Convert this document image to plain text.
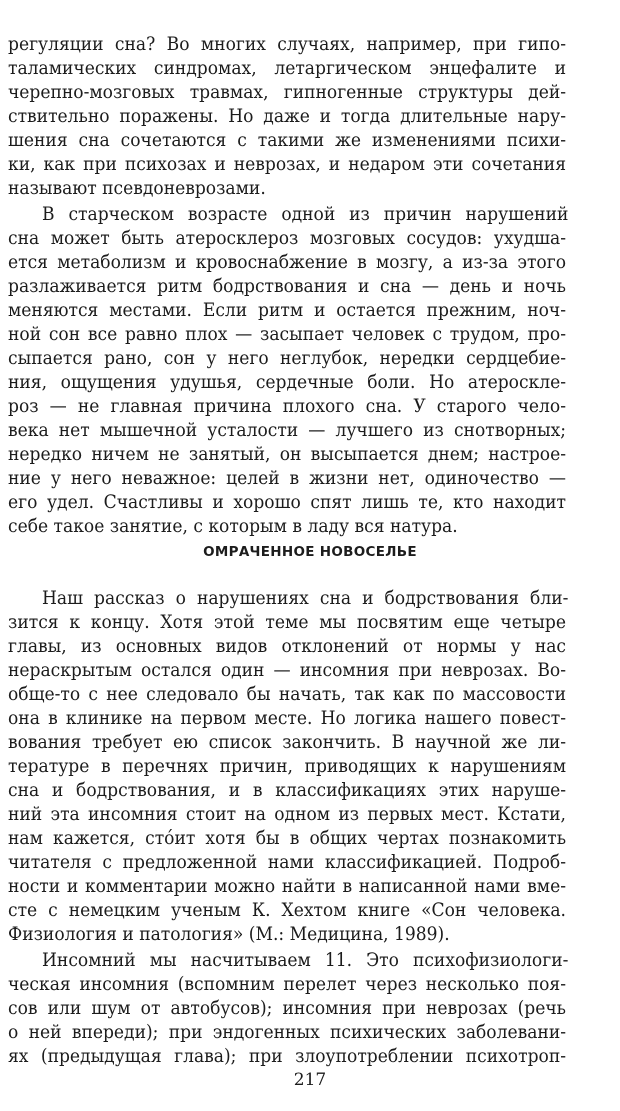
регуляции сна? Во многих случаях, например, при гипо-
таламических синдромах, летаргическом энцефалите и
черепно-мозговых травмах, гипногенные структуры дей-
ствительно поражены. Но даже и тогда длительные нару-
шения сна сочетаются с такими же изменениями психи-
ки, как при психозах и неврозах, и недаром эти сочетания
называют псевдоневрозами.
В старческом возрасте одной из причин нарушений
сна может быть атеросклероз мозговых сосудов: ухудша-
ется метаболизм и кровоснабжение в мозгу, а из-за этого
разлаживается ритм бодрствования и сна — день и ночь
меняются местами. Если ритм и остается прежним, ноч-
ной сон все равно плох — засыпает человек с трудом, про-
сыпается рано, сон у него неглубок, нередки сердцебие-
ния, ощущения удушья, сердечные боли. Но атероскле-
роз — не главная причина плохого сна. У старого чело-
века нет мышечной усталости — лучшего из снотворных;
нередко ничем не занятый, он высыпается днем; настрое-
ние у него неважное: целей в жизни нет, одиночество —
его удел. Счастливы и хорошо спят лишь те, кто находит
себе такое занятие, с которым в ладу вся натура.
ОМРАЧЕННОЕ НОВОСЕЛЬЕ
Наш рассказ о нарушениях сна и бодрствования бли-
зится к концу. Хотя этой теме мы посвятим еще четыре
главы, из основных видов отклонений от нормы у нас
нераскрытым остался один — инсомния при неврозах. Во-
обще-то с нее следовало бы начать, так как по массовости
она в клинике на первом месте. Но логика нашего повест-
вования требует ею список закончить. В научной же ли-
тературе в перечнях причин, приводящих к нарушениям
сна и бодрствования, и в классификациях этих наруше-
ний эта инсомния стоит на одном из первых мест. Кстати,
нам кажется, стóит хотя бы в общих чертах познакомить
читателя с предложенной нами классификацией. Подроб-
ности и комментарии можно найти в написанной нами вме-
сте с немецким ученым К. Хехтом книге «Сон человека.
Физиология и патология» (М.: Медицина, 1989).
Инсомний мы насчитываем 11. Это психофизиологи-
ческая инсомния (вспомним перелет через несколько поя-
сов или шум от автобусов); инсомния при неврозах (речь
о ней впереди); при эндогенных психических заболевани-
ях (предыдущая глава); при злоупотреблении психотроп-
217
